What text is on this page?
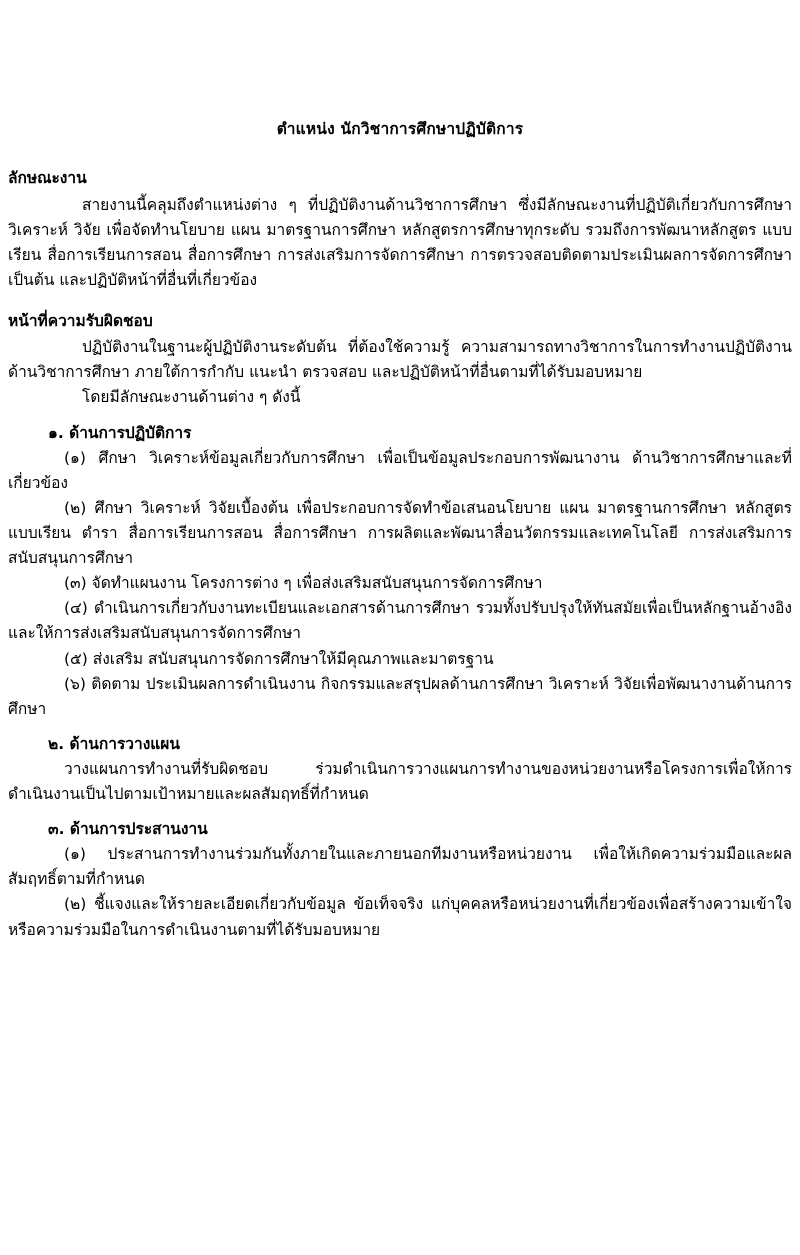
ตำแหน่ง นักวิชาการศึกษาปฏิบัติการ
ลักษณะงาน

สายงานนี้คลุมถึงตำแหน่งต่าง ๆ ที่ปฏิบัติงานด้านวิชาการศึกษา ซึ่งมีลักษณะงานที่ปฏิบัติเกี่ยวกับการศึกษา วิเคราะห์ วิจัย เพื่อจัดทำนโยบาย แผน มาตรฐานการศึกษา หลักสูตรการศึกษาทุกระดับ รวมถึงการพัฒนาหลักสูตร แบบเรียน สื่อการเรียนการสอน สื่อการศึกษา การส่งเสริมการจัดการศึกษา การตรวจสอบติดตามประเมินผลการจัดการศึกษา เป็นต้น และปฏิบัติหน้าที่อื่นที่เกี่ยวข้อง

หน้าที่ความรับผิดชอบ

ปฏิบัติงานในฐานะผู้ปฏิบัติงานระดับต้น ที่ต้องใช้ความรู้ ความสามารถทางวิชาการในการทำงานปฏิบัติงานด้านวิชาการศึกษา ภายใต้การกำกับ แนะนำ ตรวจสอบ และปฏิบัติหน้าที่อื่นตามที่ได้รับมอบหมาย

โดยมีลักษณะงานด้านต่าง ๆ ดังนี้

๑. ด้านการปฏิบัติการ

(๑) ศึกษา วิเคราะห์ข้อมูลเกี่ยวกับการศึกษา เพื่อเป็นข้อมูลประกอบการพัฒนางาน ด้านวิชาการศึกษาและที่เกี่ยวข้อง

(๒) ศึกษา วิเคราะห์ วิจัยเบื้องต้น เพื่อประกอบการจัดทำข้อเสนอนโยบาย แผน มาตรฐานการศึกษา หลักสูตร แบบเรียน ตำรา สื่อการเรียนการสอน สื่อการศึกษา การผลิตและพัฒนาสื่อนวัตกรรมและเทคโนโลยี การส่งเสริมการสนับสนุนการศึกษา

(๓) จัดทำแผนงาน โครงการต่าง ๆ เพื่อส่งเสริมสนับสนุนการจัดการศึกษา

(๔) ดำเนินการเกี่ยวกับงานทะเบียนและเอกสารด้านการศึกษา รวมทั้งปรับปรุงให้ทันสมัยเพื่อเป็นหลักฐานอ้างอิงและให้การส่งเสริมสนับสนุนการจัดการศึกษา

(๕) ส่งเสริม สนับสนุนการจัดการศึกษาให้มีคุณภาพและมาตรฐาน

(๖) ติดตาม ประเมินผลการดำเนินงาน กิจกรรมและสรุปผลด้านการศึกษา วิเคราะห์ วิจัยเพื่อพัฒนางานด้านการศึกษา

๒. ด้านการวางแผน

วางแผนการทำงานที่รับผิดชอบ ร่วมดำเนินการวางแผนการทำงานของหน่วยงานหรือโครงการเพื่อให้การดำเนินงานเป็นไปตามเป้าหมายและผลสัมฤทธิ์ที่กำหนด

๓. ด้านการประสานงาน

(๑) ประสานการทำงานร่วมกันทั้งภายในและภายนอกทีมงานหรือหน่วยงาน เพื่อให้เกิดความร่วมมือและผลสัมฤทธิ์ตามที่กำหนด

(๒) ชี้แจงและให้รายละเอียดเกี่ยวกับข้อมูล ข้อเท็จจริง แก่บุคคลหรือหน่วยงานที่เกี่ยวข้องเพื่อสร้างความเข้าใจหรือความร่วมมือในการดำเนินงานตามที่ได้รับมอบหมาย
